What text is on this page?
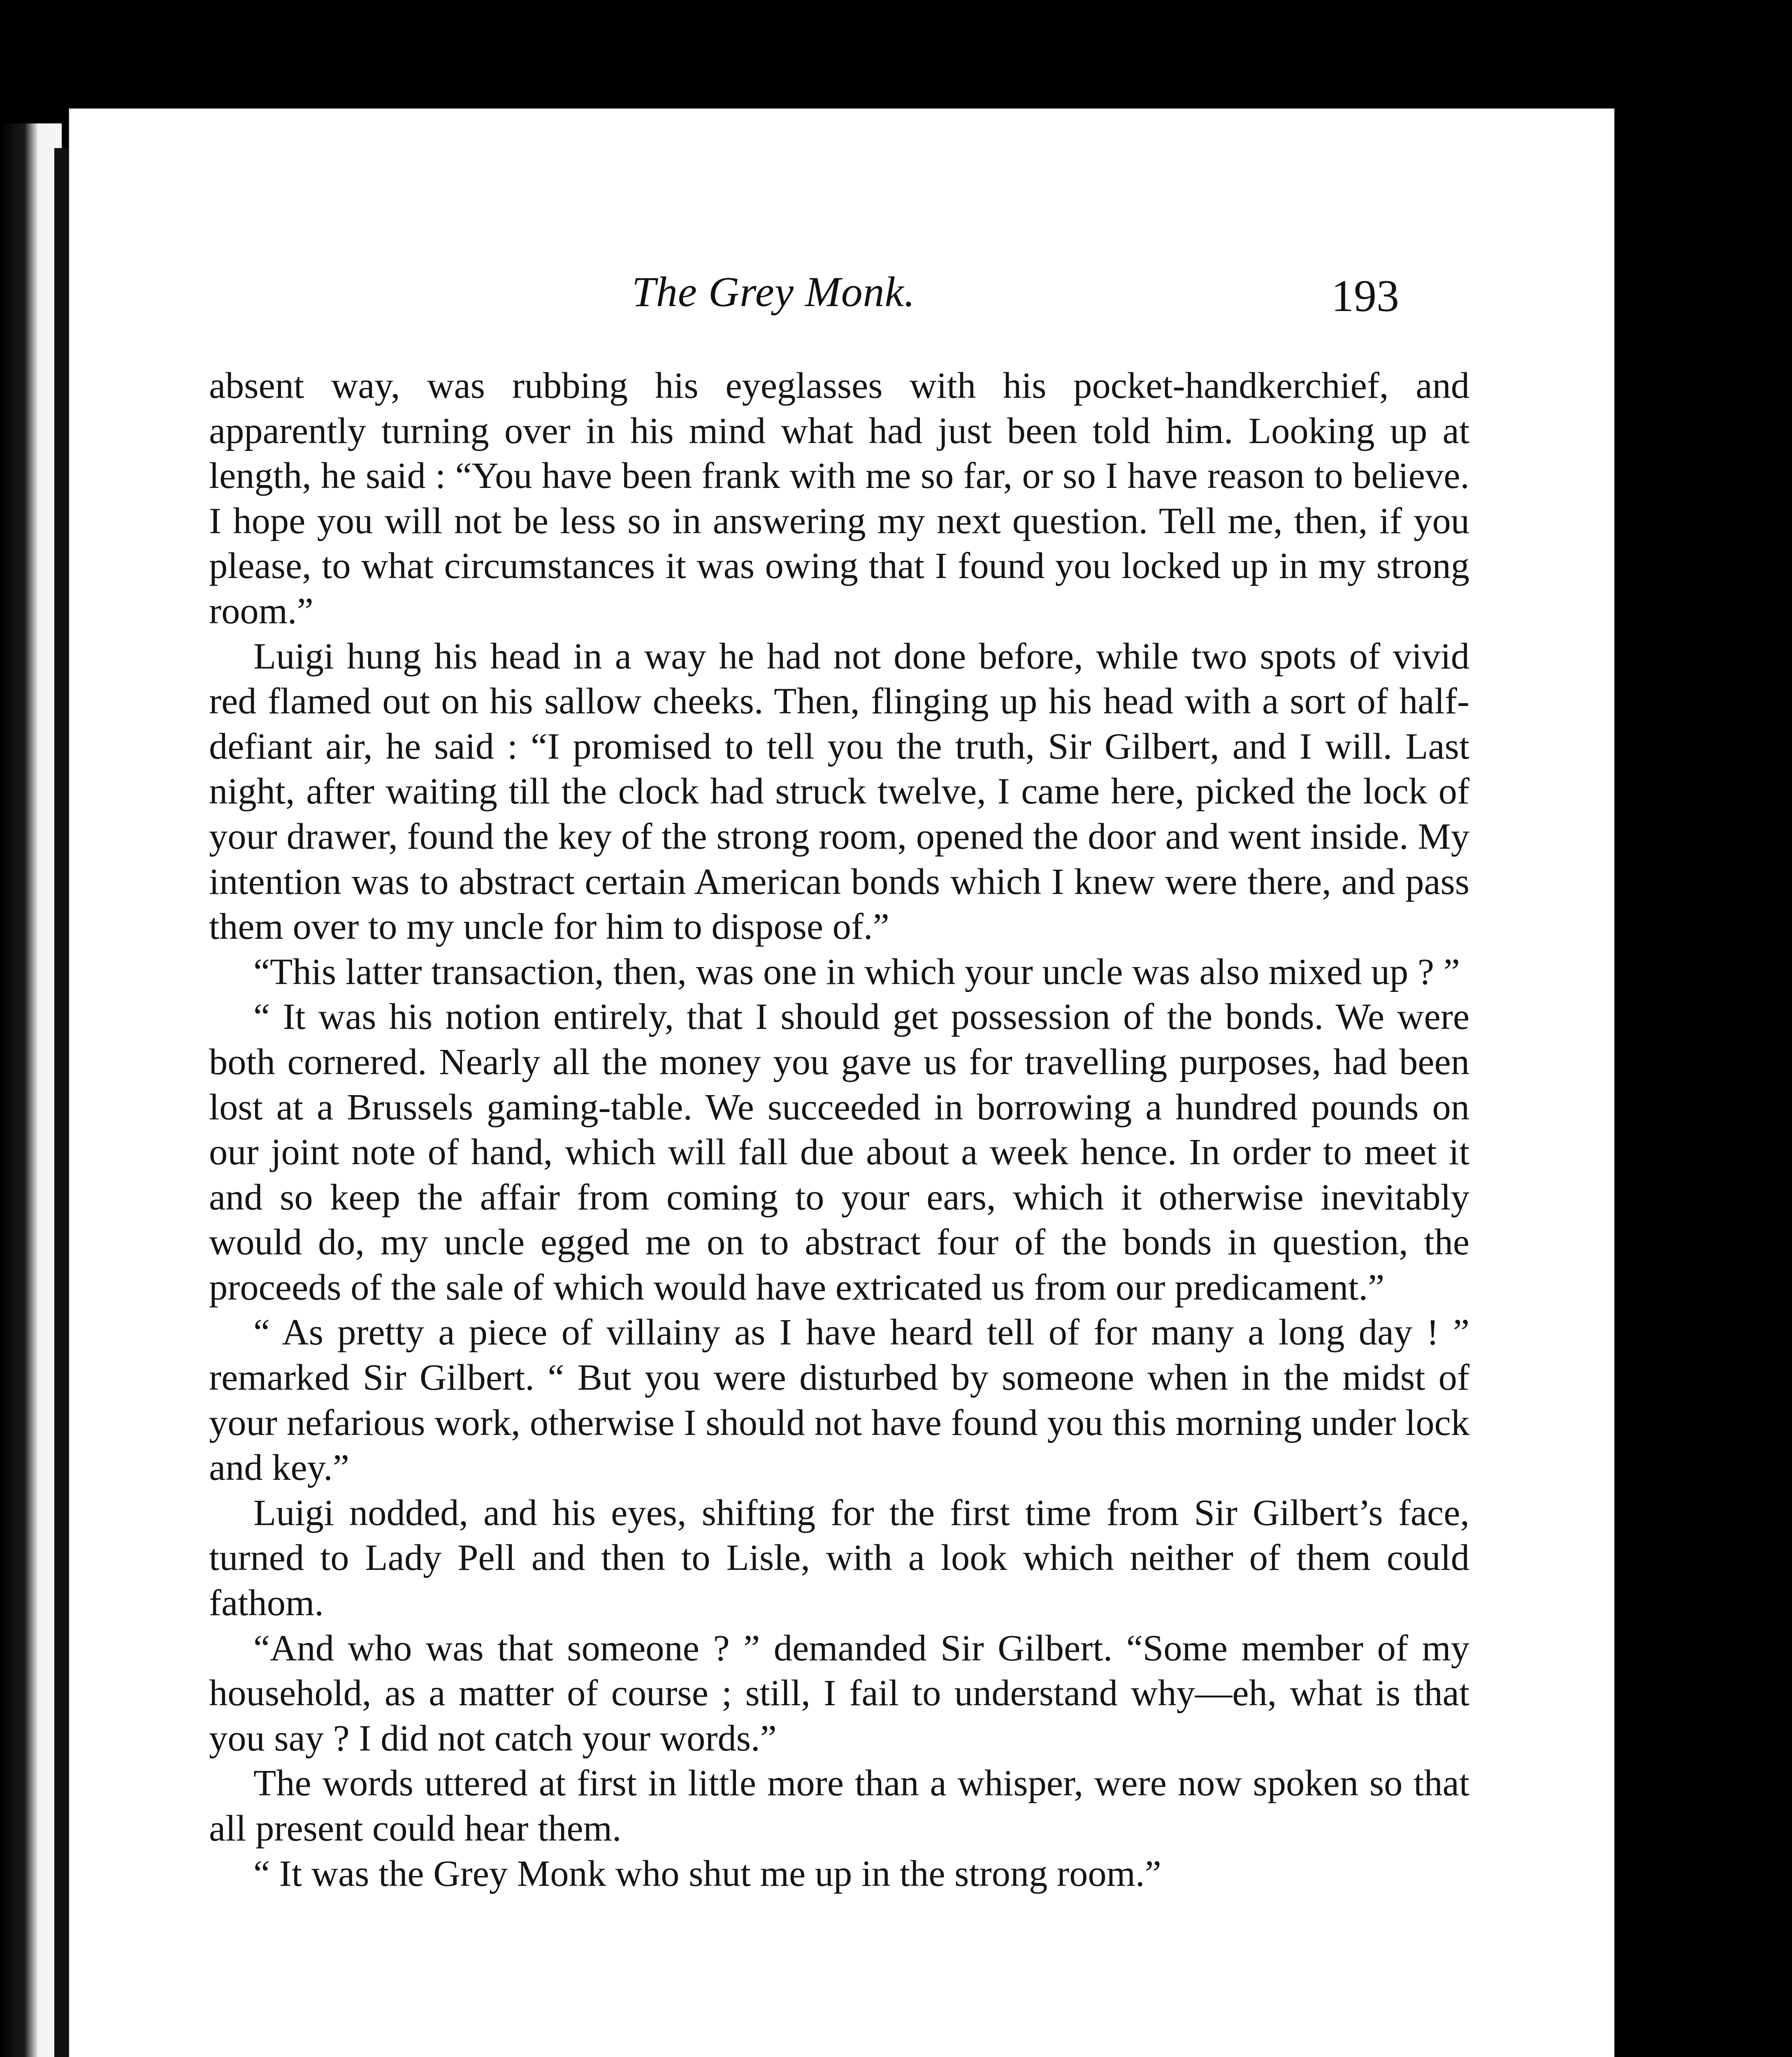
The Grey Monk.	193

absent way, was rubbing his eyeglasses with his pocket-handkerchief, and apparently turning over in his mind what had just been told him. Looking up at length, he said : “You have been frank with me so far, or so I have reason to believe. I hope you will not be less so in answering my next question. Tell me, then, if you please, to what circumstances it was owing that I found you locked up in my strong room.”

Luigi hung his head in a way he had not done before, while two spots of vivid red flamed out on his sallow cheeks. Then, flinging up his head with a sort of half-defiant air, he said : “I promised to tell you the truth, Sir Gilbert, and I will. Last night, after waiting till the clock had struck twelve, I came here, picked the lock of your drawer, found the key of the strong room, opened the door and went inside. My intention was to abstract certain American bonds which I knew were there, and pass them over to my uncle for him to dispose of.”

“This latter transaction, then, was one in which your uncle was also mixed up ? ”

“ It was his notion entirely, that I should get possession of the bonds. We were both cornered. Nearly all the money you gave us for travelling purposes, had been lost at a Brussels gaming-table. We succeeded in borrowing a hundred pounds on our joint note of hand, which will fall due about a week hence. In order to meet it and so keep the affair from coming to your ears, which it otherwise inevitably would do, my uncle egged me on to abstract four of the bonds in question, the proceeds of the sale of which would have extricated us from our predicament.”

“ As pretty a piece of villainy as I have heard tell of for many a long day ! ” remarked Sir Gilbert. “ But you were disturbed by someone when in the midst of your nefarious work, otherwise I should not have found you this morning under lock and key.”

Luigi nodded, and his eyes, shifting for the first time from Sir Gilbert’s face, turned to Lady Pell and then to Lisle, with a look which neither of them could fathom.

“And who was that someone ? ” demanded Sir Gilbert. “Some member of my household, as a matter of course ; still, I fail to understand why—eh, what is that you say ? I did not catch your words.”

The words uttered at first in little more than a whisper, were now spoken so that all present could hear them.

“ It was the Grey Monk who shut me up in the strong room.”
